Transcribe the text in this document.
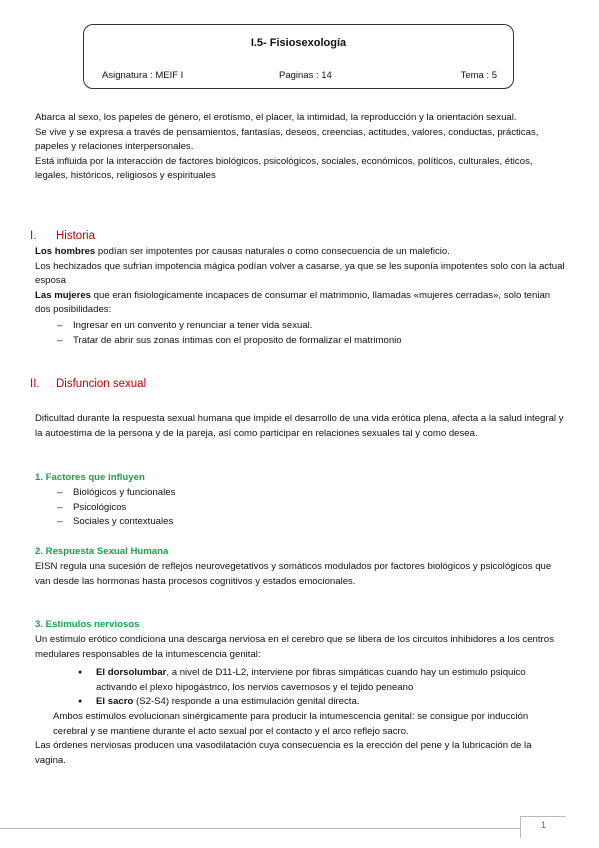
I.5- Fisiosexología
Asignatura : MEIF I	Paginas : 14	Tema : 5
Abarca al sexo, los papeles de género, el erotismo, el placer, la intimidad, la reproducción y la orientación sexual.
Se vive y se expresa a través de pensamientos, fantasías, deseos, creencias, actitudes, valores, conductas, prácticas, papeles y relaciones interpersonales.
Está influida por la interacción de factores biológicos, psicológicos, sociales, económicos, políticos, culturales, éticos, legales, históricos, religiosos y espirituales
I. Historia
Los hombres podían ser impotentes por causas naturales o como consecuencia de un maleficio.
Los hechizados que sufrían impotencia mágica podían volver a casarse, ya que se les suponía impotentes solo con la actual esposa
Las mujeres que eran fisiologicamente incapaces de consumar el matrimonio, llamadas «mujeres cerradas», solo tenian dos posibilidades:
– Ingresar en un convento y renunciar a tener vida sexual.
– Tratar de abrir sus zonas íntimas con el proposito de formalizar el matrimonio
II. Disfuncion sexual
Dificultad durante la respuesta sexual humana que impide el desarrollo de una vida erótica plena, afecta a la salud integral y la autoestima de la persona y de la pareja, así como participar en relaciones sexuales tal y como desea.
1. Factores que influyen
– Biológicos y funcionales
– Psicológicos
– Sociales y contextuales
2. Respuesta Sexual Humana
EISN regula una sucesión de reflejos neurovegetativos y somáticos modulados por factores biológicos y psicológicos que van desde las hormonas hasta procesos cognitivos y estados emocionales.
3. Estimulos nerviosos
Un estimulo erótico condiciona una descarga nerviosa en el cerebro que se libera de los circuitos inhibidores a los centros medulares responsables de la intumescencia genital:
● El dorsolumbar, a nivel de D11-L2, interviene por fibras simpáticas cuando hay un estimulo psiquico activando el plexo hipogástrico, los nervios cavernosos y el tejido peneano
● El sacro (S2-S4) responde a una estimulación genital directa.
Ambos estimulos evolucionan sinérgicamente para producir la intumescencia genital: se consigue por inducción cerebral y se mantiene durante el acto sexual por el contacto y el arco reflejo sacro.
Las órdenes nerviosas producen una vasodilatación cuya consecuencia es la erección del pene y la lubricación de la vagina.
1
